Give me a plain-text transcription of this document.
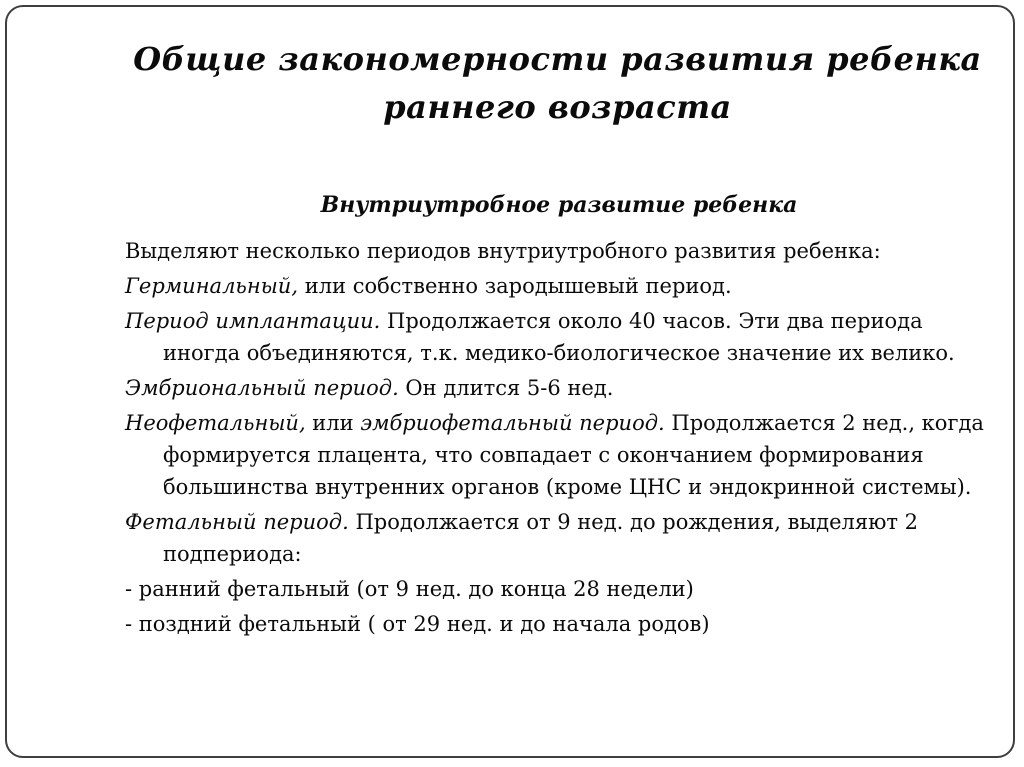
Общие закономерности развития ребенка раннего возраста

Внутриутробное развитие ребенка

Выделяют несколько периодов внутриутробного развития ребенка:

Герминальный, или собственно зародышевый период.

Период имплантации. Продолжается около 40 часов. Эти два периода иногда объединяются, т.к. медико-биологическое значение их велико.

Эмбриональный период. Он длится 5-6 нед.

Неофетальный, или эмбриофетальный период. Продолжается 2 нед., когда формируется плацента, что совпадает с окончанием формирования большинства внутренних органов (кроме ЦНС и эндокринной системы).

Фетальный период. Продолжается от 9 нед. до рождения, выделяют 2 подпериода:

- ранний фетальный (от 9 нед. до конца 28 недели)

- поздний фетальный ( от 29 нед. и до начала родов)
